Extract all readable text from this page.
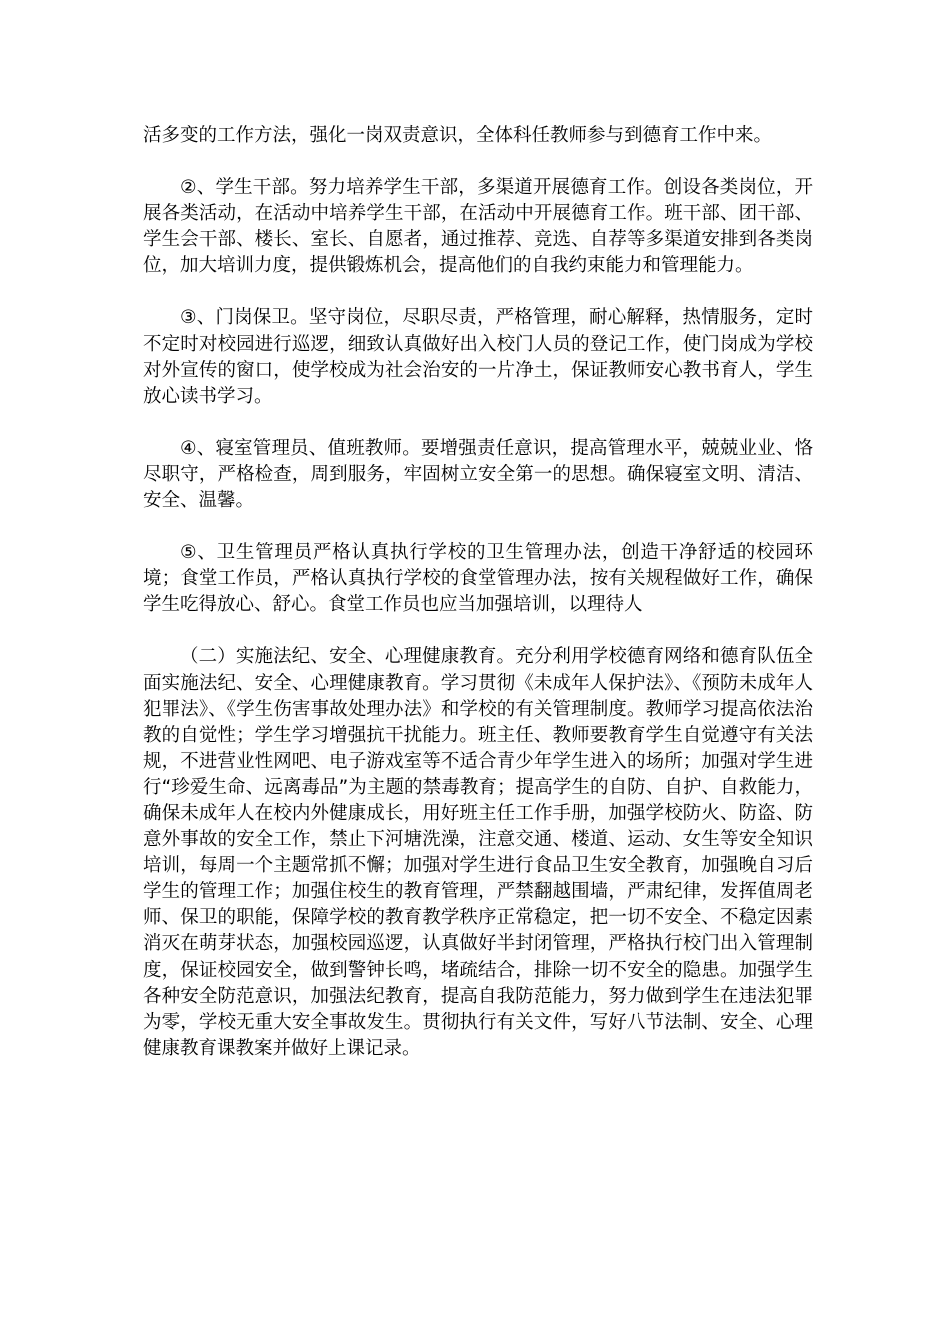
活多变的工作方法，强化一岗双责意识，全体科任教师参与到德育工作中来。

②、学生干部。努力培养学生干部，多渠道开展德育工作。创设各类岗位，开展各类活动，在活动中培养学生干部，在活动中开展德育工作。班干部、团干部、学生会干部、楼长、室长、自愿者，通过推荐、竞选、自荐等多渠道安排到各类岗位，加大培训力度，提供锻炼机会，提高他们的自我约束能力和管理能力。

③、门岗保卫。坚守岗位，尽职尽责，严格管理，耐心解释，热情服务，定时不定时对校园进行巡逻，细致认真做好出入校门人员的登记工作，使门岗成为学校对外宣传的窗口，使学校成为社会治安的一片净土，保证教师安心教书育人，学生放心读书学习。

④、寝室管理员、值班教师。要增强责任意识，提高管理水平，兢兢业业、恪尽职守，严格检查，周到服务，牢固树立安全第一的思想。确保寝室文明、清洁、安全、温馨。

⑤、卫生管理员严格认真执行学校的卫生管理办法，创造干净舒适的校园环境；食堂工作员，严格认真执行学校的食堂管理办法，按有关规程做好工作，确保学生吃得放心、舒心。食堂工作员也应当加强培训，以理待人

（二）实施法纪、安全、心理健康教育。充分利用学校德育网络和德育队伍全面实施法纪、安全、心理健康教育。学习贯彻《未成年人保护法》、《预防未成年人犯罪法》、《学生伤害事故处理办法》和学校的有关管理制度。教师学习提高依法治教的自觉性；学生学习增强抗干扰能力。班主任、教师要教育学生自觉遵守有关法规，不进营业性网吧、电子游戏室等不适合青少年学生进入的场所；加强对学生进行“珍爱生命、远离毒品”为主题的禁毒教育；提高学生的自防、自护、自救能力，确保未成年人在校内外健康成长，用好班主任工作手册，加强学校防火、防盗、防意外事故的安全工作，禁止下河塘洗澡，注意交通、楼道、运动、女生等安全知识培训，每周一个主题常抓不懈；加强对学生进行食品卫生安全教育，加强晚自习后学生的管理工作；加强住校生的教育管理，严禁翻越围墙，严肃纪律，发挥值周老师、保卫的职能，保障学校的教育教学秩序正常稳定，把一切不安全、不稳定因素消灭在萌芽状态，加强校园巡逻，认真做好半封闭管理，严格执行校门出入管理制度，保证校园安全，做到警钟长鸣，堵疏结合，排除一切不安全的隐患。加强学生各种安全防范意识，加强法纪教育，提高自我防范能力，努力做到学生在违法犯罪为零，学校无重大安全事故发生。贯彻执行有关文件，写好八节法制、安全、心理健康教育课教案并做好上课记录。
